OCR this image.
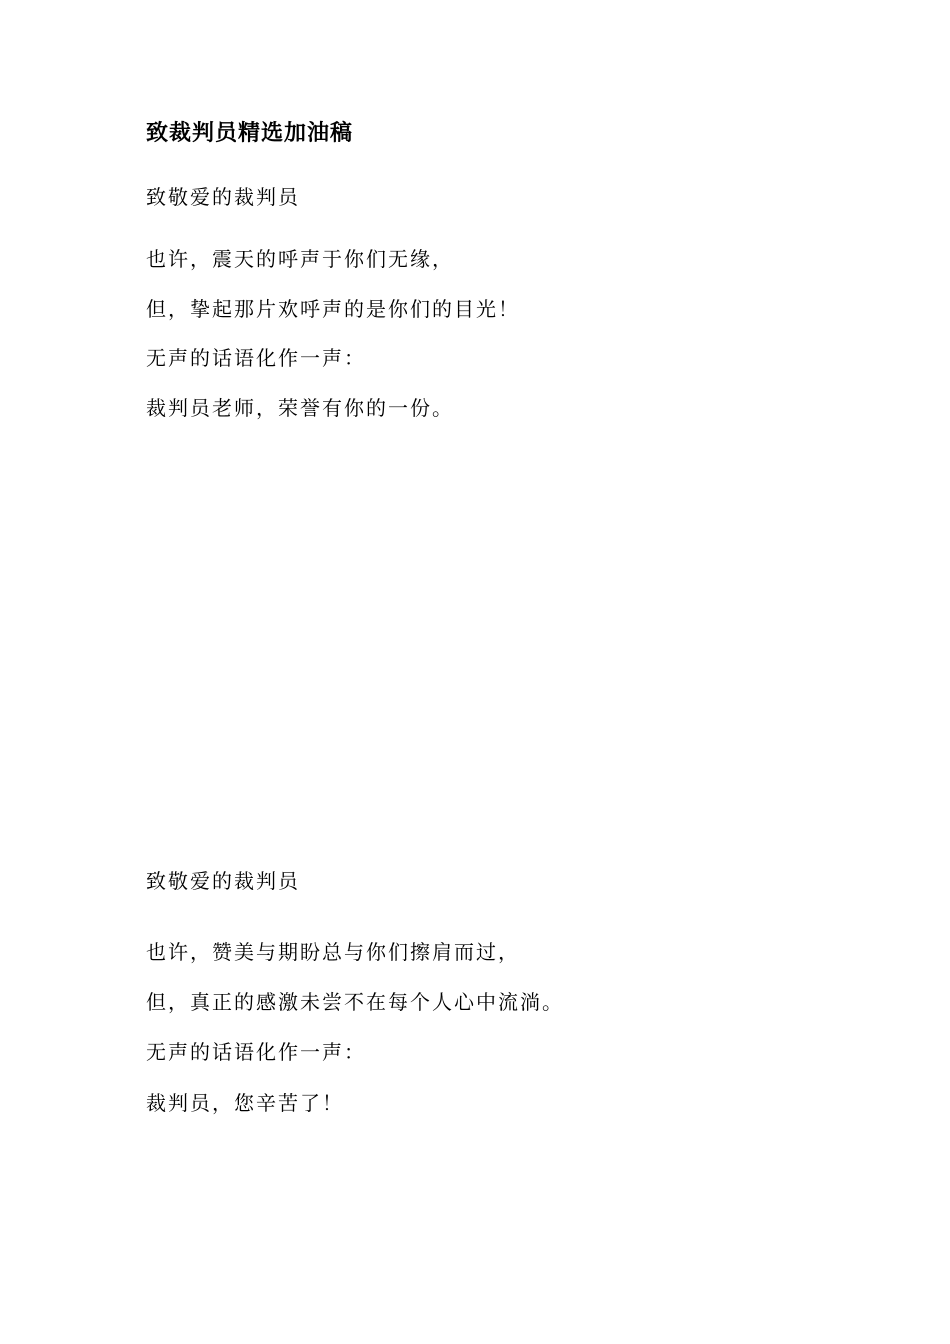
致裁判员精选加油稿
致敬爱的裁判员

也许，震天的呼声于你们无缘，

但，挚起那片欢呼声的是你们的目光！

无声的话语化作一声：

裁判员老师，荣誉有你的一份。

致敬爱的裁判员

也许，赞美与期盼总与你们擦肩而过，

但，真正的感激未尝不在每个人心中流淌。

无声的话语化作一声：

裁判员，您辛苦了！
